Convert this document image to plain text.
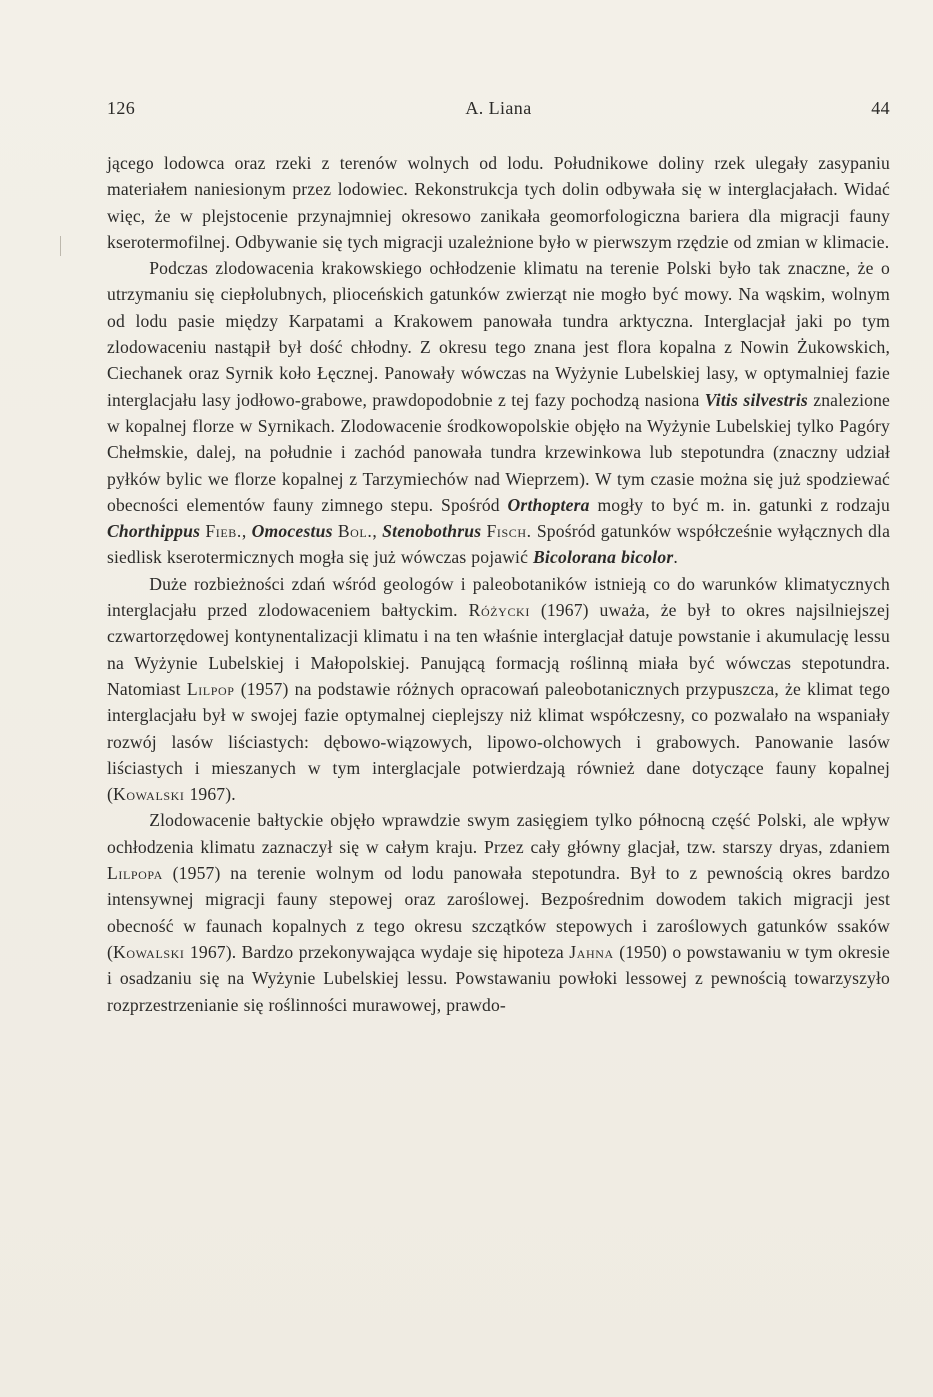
126	A. Liana	44

jącego lodowca oraz rzeki z terenów wolnych od lodu. Południkowe doliny rzek ulegały zasypaniu materiałem naniesionym przez lodowiec. Rekonstrukcja tych dolin odbywała się w interglacjałach. Widać więc, że w plejstocenie przynajmniej okresowo zanikała geomorfologiczna bariera dla migracji fauny kserotermofilnej. Odbywanie się tych migracji uzależnione było w pierwszym rzędzie od zmian w klimacie.

Podczas zlodowacenia krakowskiego ochłodzenie klimatu na terenie Polski było tak znaczne, że o utrzymaniu się ciepłolubnych, plioceńskich gatunków zwierząt nie mogło być mowy. Na wąskim, wolnym od lodu pasie między Karpatami a Krakowem panowała tundra arktyczna. Interglacjał jaki po tym zlodowaceniu nastąpił był dość chłodny. Z okresu tego znana jest flora kopalna z Nowin Żukowskich, Ciechanek oraz Syrnik koło Łęcznej. Panowały wówczas na Wyżynie Lubelskiej lasy, w optymalniej fazie interglacjału lasy jodłowo-grabowe, prawdopodobnie z tej fazy pochodzą nasiona Vitis silvestris znalezione w kopalnej florze w Syrnikach. Zlodowacenie środkowopolskie objęło na Wyżynie Lubelskiej tylko Pagóry Chełmskie, dalej, na południe i zachód panowała tundra krzewinkowa lub stepotundra (znaczny udział pyłków bylic we florze kopalnej z Tarzymiechów nad Wieprzem). W tym czasie można się już spodziewać obecności elementów fauny zimnego stepu. Spośród Orthoptera mogły to być m. in. gatunki z rodzaju Chorthippus Fieb., Omocestus Bol., Stenobothrus Fisch. Spośród gatunków współcześnie wyłącznych dla siedlisk kserotermicznych mogła się już wówczas pojawić Bicolorana bicolor.

Duże rozbieżności zdań wśród geologów i paleobotaników istnieją co do warunków klimatycznych interglacjału przed zlodowaceniem bałtyckim. Różycki (1967) uważa, że był to okres najsilniejszej czwartorzędowej kontynentalizacji klimatu i na ten właśnie interglacjał datuje powstanie i akumulację lessu na Wyżynie Lubelskiej i Małopolskiej. Panującą formacją roślinną miała być wówczas stepotundra. Natomiast Lilpop (1957) na podstawie różnych opracowań paleobotanicznych przypuszcza, że klimat tego interglacjału był w swojej fazie optymalnej cieplejszy niż klimat współczesny, co pozwalało na wspaniały rozwój lasów liściastych: dębowo-wiązowych, lipowo-olchowych i grabowych. Panowanie lasów liściastych i mieszanych w tym interglacjale potwierdzają również dane dotyczące fauny kopalnej (Kowalski 1967).

Zlodowacenie bałtyckie objęło wprawdzie swym zasięgiem tylko północną część Polski, ale wpływ ochłodzenia klimatu zaznaczył się w całym kraju. Przez cały główny glacjał, tzw. starszy dryas, zdaniem Lilpopa (1957) na terenie wolnym od lodu panowała stepotundra. Był to z pewnością okres bardzo intensywnej migracji fauny stepowej oraz zaroślowej. Bezpośrednim dowodem takich migracji jest obecność w faunach kopalnych z tego okresu szczątków stepowych i zaroślowych gatunków ssaków (Kowalski 1967). Bardzo przekonywająca wydaje się hipoteza Jahna (1950) o powstawaniu w tym okresie i osadzaniu się na Wyżynie Lubelskiej lessu. Powstawaniu powłoki lessowej z pewnością towarzyszyło rozprzestrzenianie się roślinności murawowej, prawdo-
